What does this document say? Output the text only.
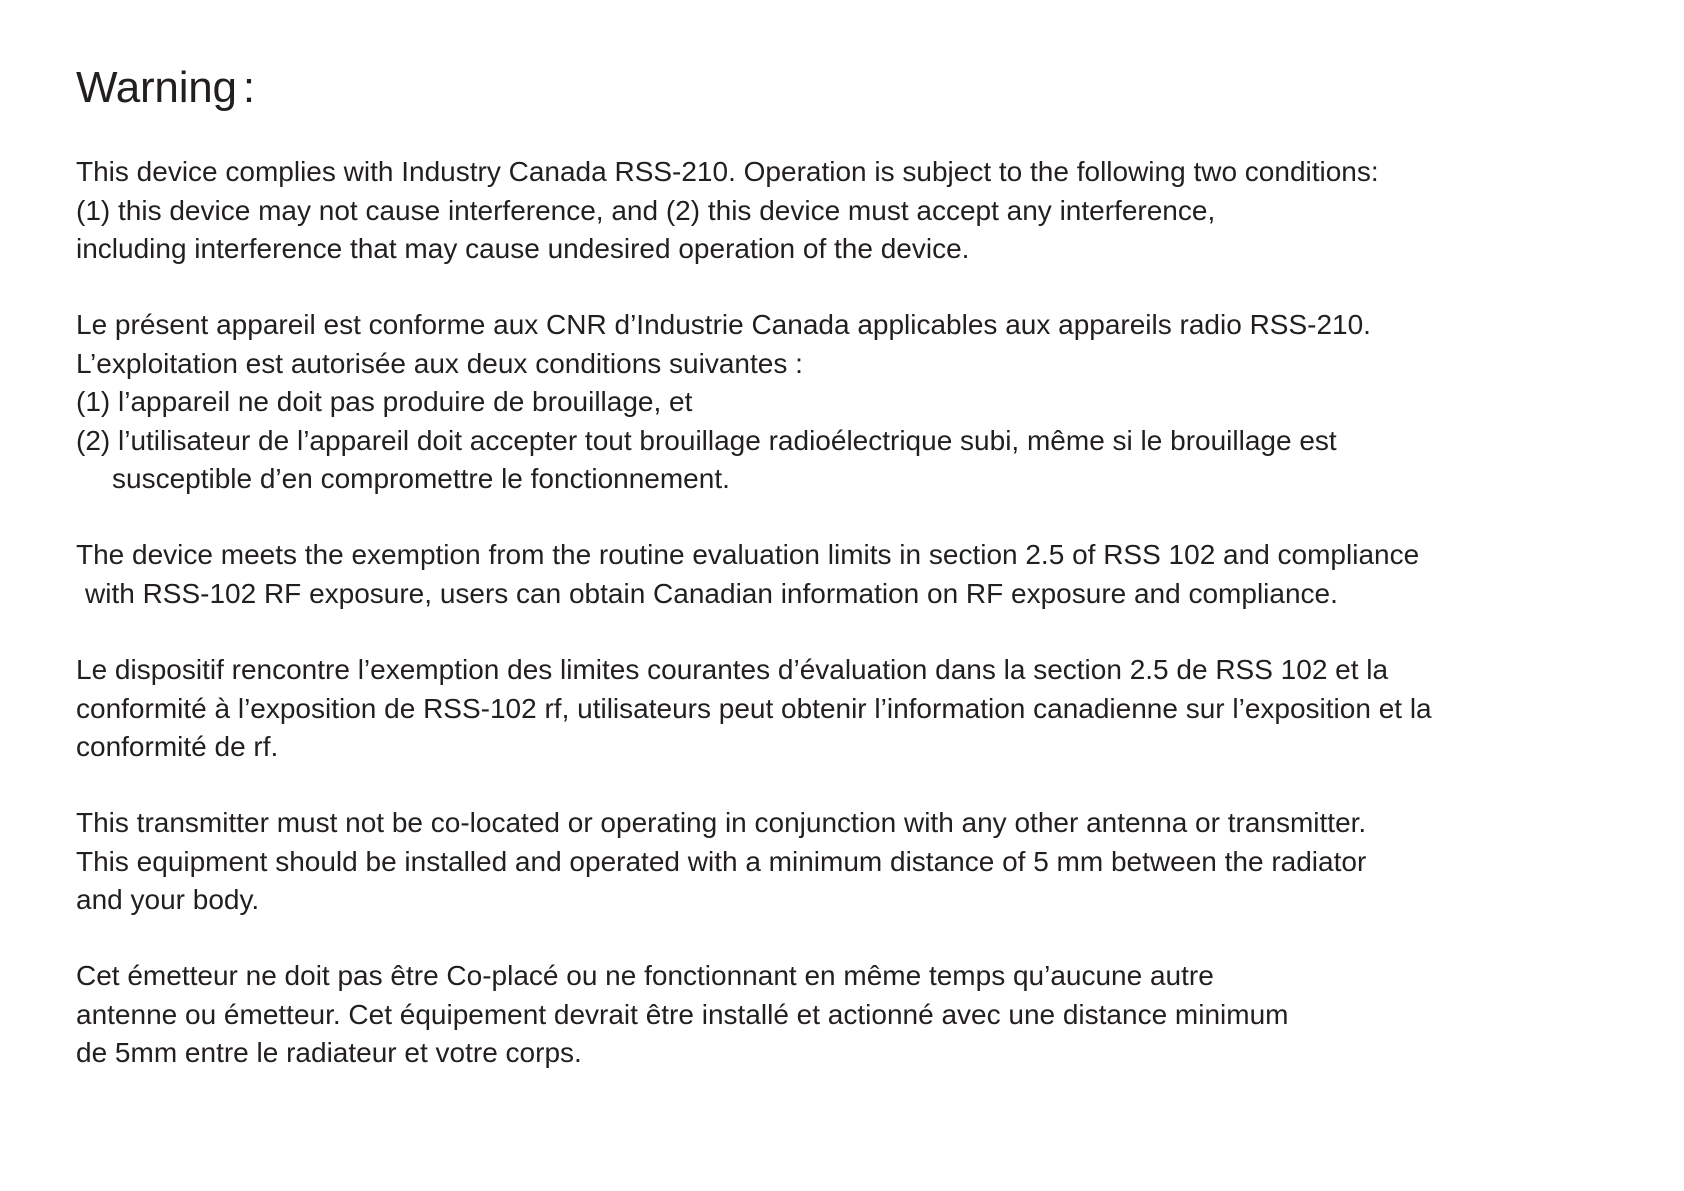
Warning :
This device complies with Industry Canada RSS-210. Operation is subject to the following two conditions:
(1) this device may not cause interference, and (2) this device must accept any interference,
including interference that may cause undesired operation of the device.
Le présent appareil est conforme aux CNR d’Industrie Canada applicables aux appareils radio RSS-210.
L’exploitation est autorisée aux deux conditions suivantes :
(1) l’appareil ne doit pas produire de brouillage, et
(2) l’utilisateur de l’appareil doit accepter tout brouillage radioélectrique subi, même si le brouillage est
susceptible d’en compromettre le fonctionnement.
The device meets the exemption from the routine evaluation limits in section 2.5 of RSS 102 and compliance
with RSS-102 RF exposure, users can obtain Canadian information on RF exposure and compliance.
Le dispositif rencontre l’exemption des limites courantes d’évaluation dans la section 2.5 de RSS 102 et la
conformité à l’exposition de RSS-102 rf, utilisateurs peut obtenir l’information canadienne sur l’exposition et la
conformité de rf.
This transmitter must not be co-located or operating in conjunction with any other antenna or transmitter.
This equipment should be installed and operated with a minimum distance of 5 mm between the radiator
and your body.
Cet émetteur ne doit pas être Co-placé ou ne fonctionnant en même temps qu’aucune autre
antenne ou émetteur. Cet équipement devrait être installé et actionné avec une distance minimum
de 5mm entre le radiateur et votre corps.
